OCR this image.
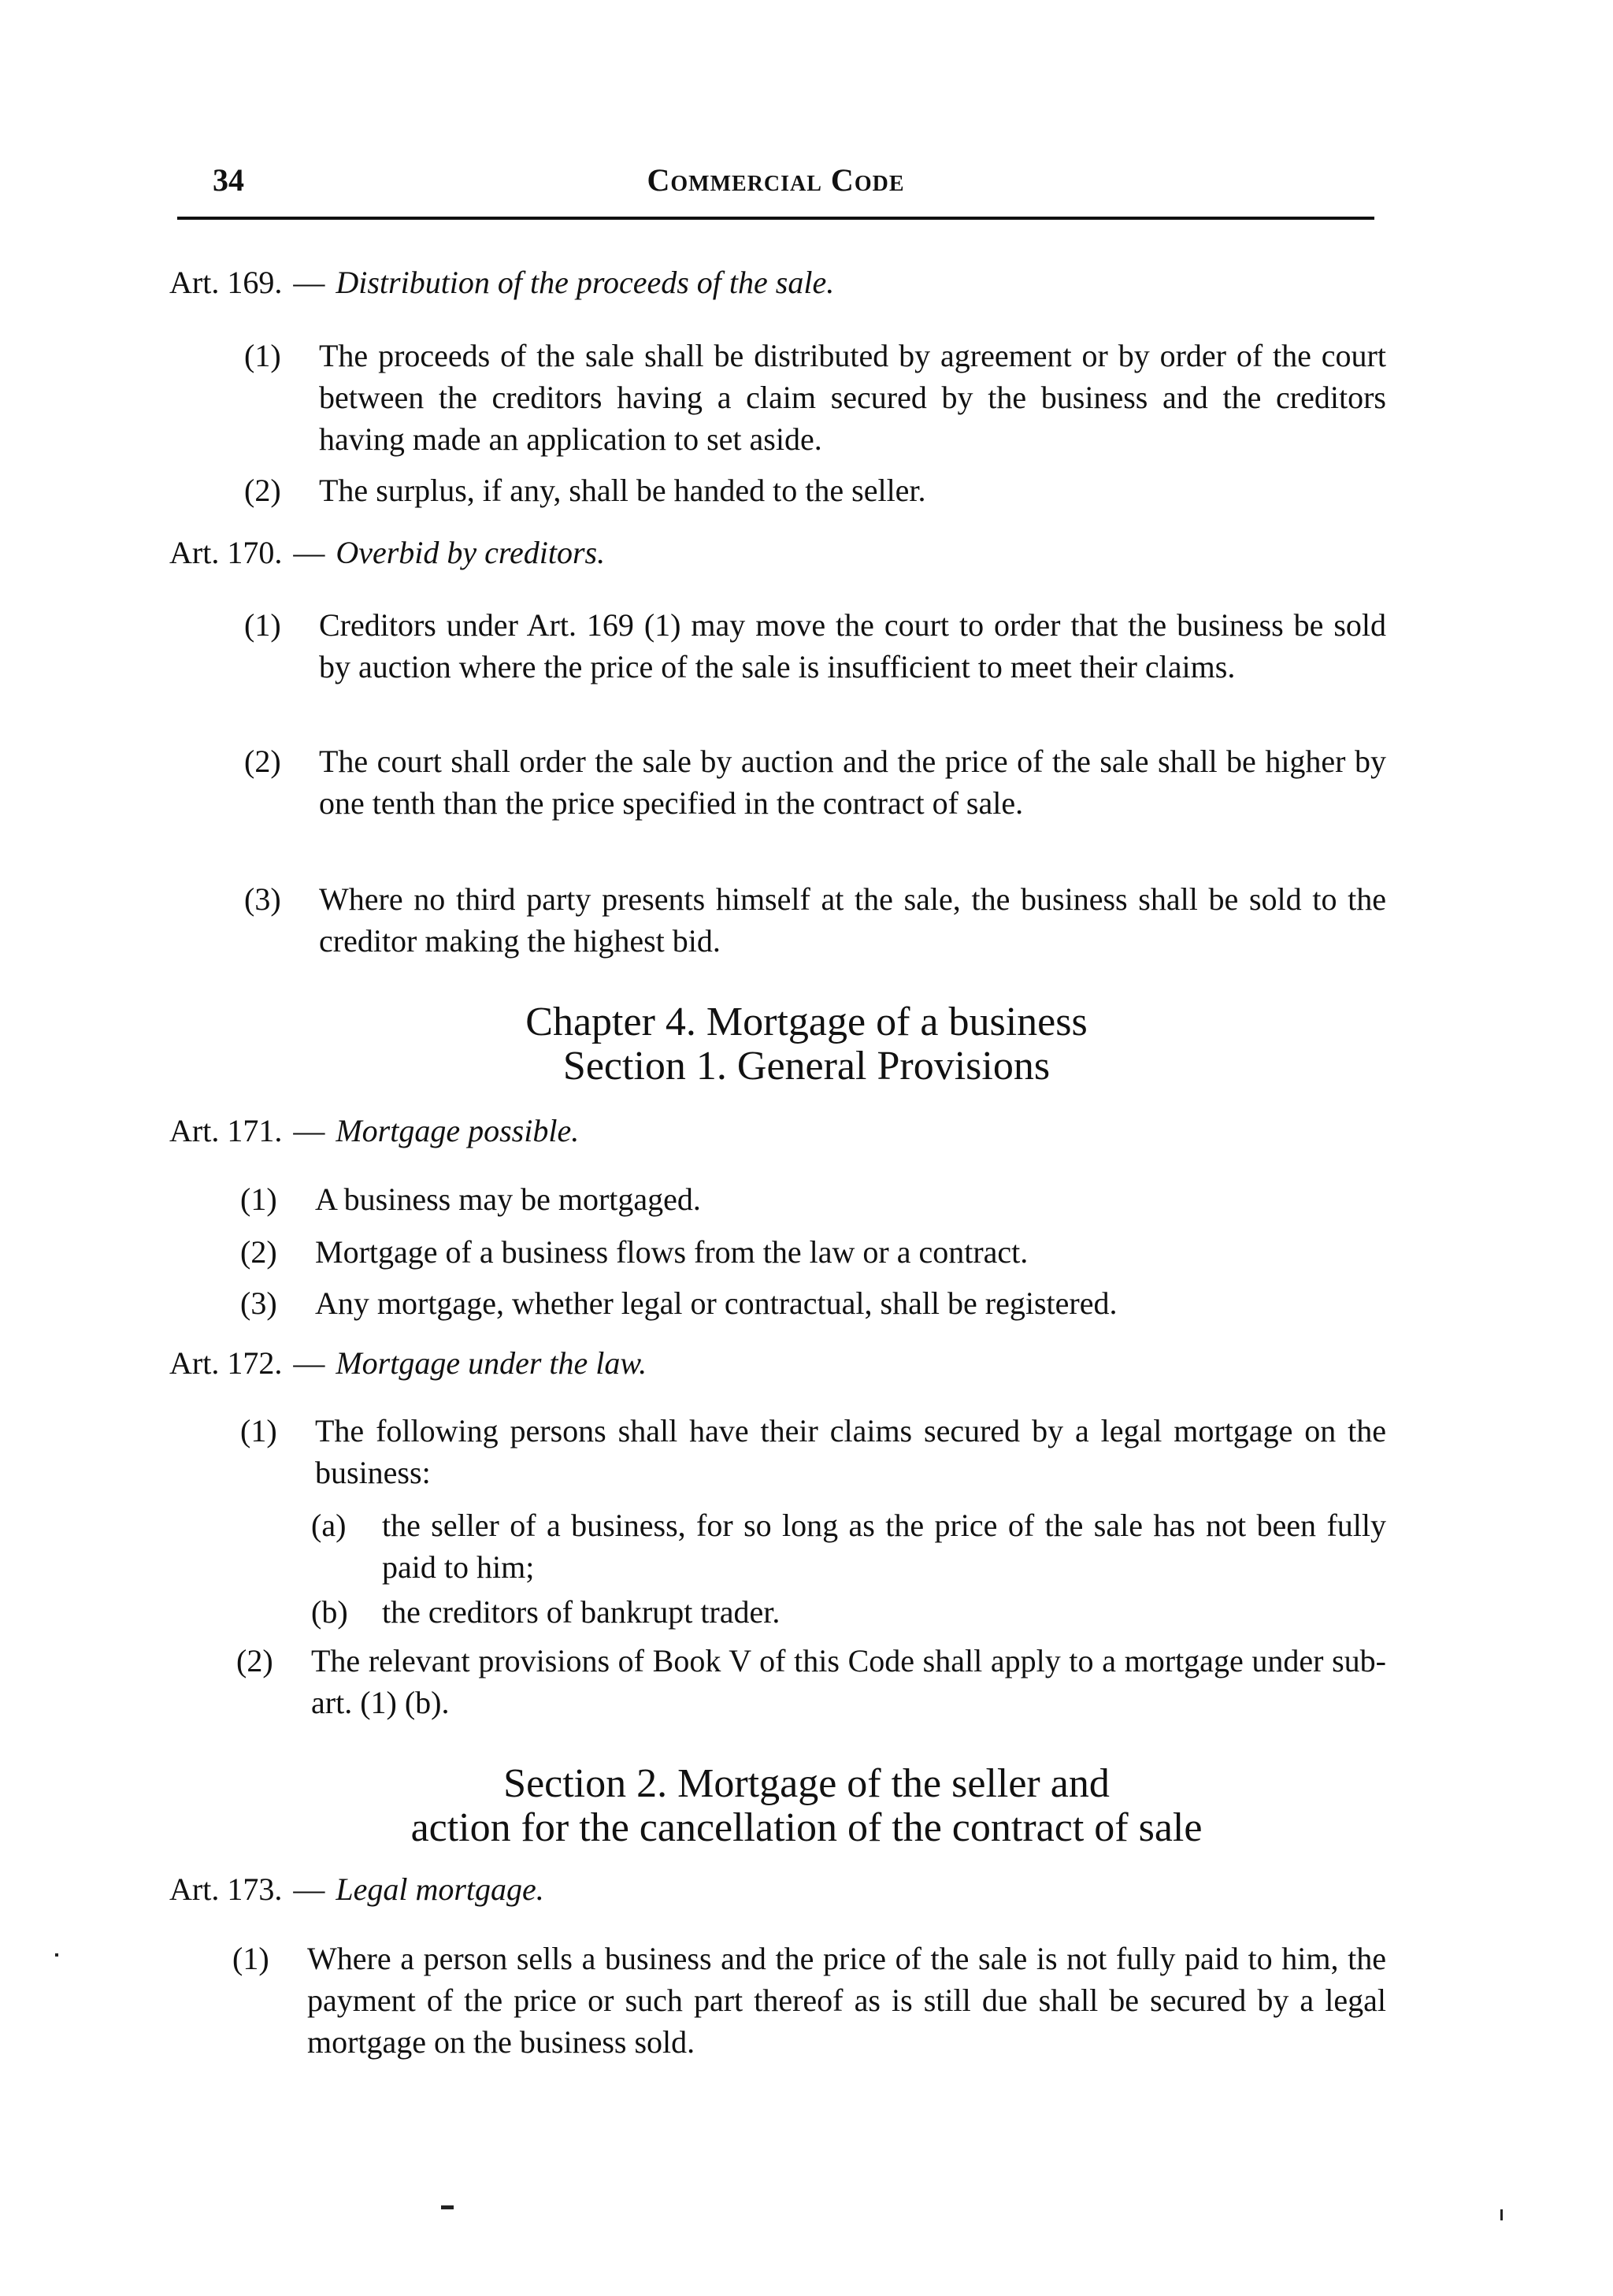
34	Commercial Code
Art. 169. — Distribution of the proceeds of the sale.
(1) The proceeds of the sale shall be distributed by agreement or by order of the court between the creditors having a claim secured by the business and the creditors having made an application to set aside.
(2) The surplus, if any, shall be handed to the seller.
Art. 170. — Overbid by creditors.
(1) Creditors under Art. 169 (1) may move the court to order that the business be sold by auction where the price of the sale is insufficient to meet their claims.
(2) The court shall order the sale by auction and the price of the sale shall be higher by one tenth than the price specified in the contract of sale.
(3) Where no third party presents himself at the sale, the business shall be sold to the creditor making the highest bid.
Chapter 4. Mortgage of a business
Section 1. General Provisions
Art. 171. — Mortgage possible.
(1) A business may be mortgaged.
(2) Mortgage of a business flows from the law or a contract.
(3) Any mortgage, whether legal or contractual, shall be registered.
Art. 172. — Mortgage under the law.
(1) The following persons shall have their claims secured by a legal mortgage on the business:
(a) the seller of a business, for so long as the price of the sale has not been fully paid to him;
(b) the creditors of bankrupt trader.
(2) The relevant provisions of Book V of this Code shall apply to a mortgage under sub-art. (1) (b).
Section 2. Mortgage of the seller and
action for the cancellation of the contract of sale
Art. 173. — Legal mortgage.
(1) Where a person sells a business and the price of the sale is not fully paid to him, the payment of the price or such part thereof as is still due shall be secured by a legal mortgage on the business sold.
